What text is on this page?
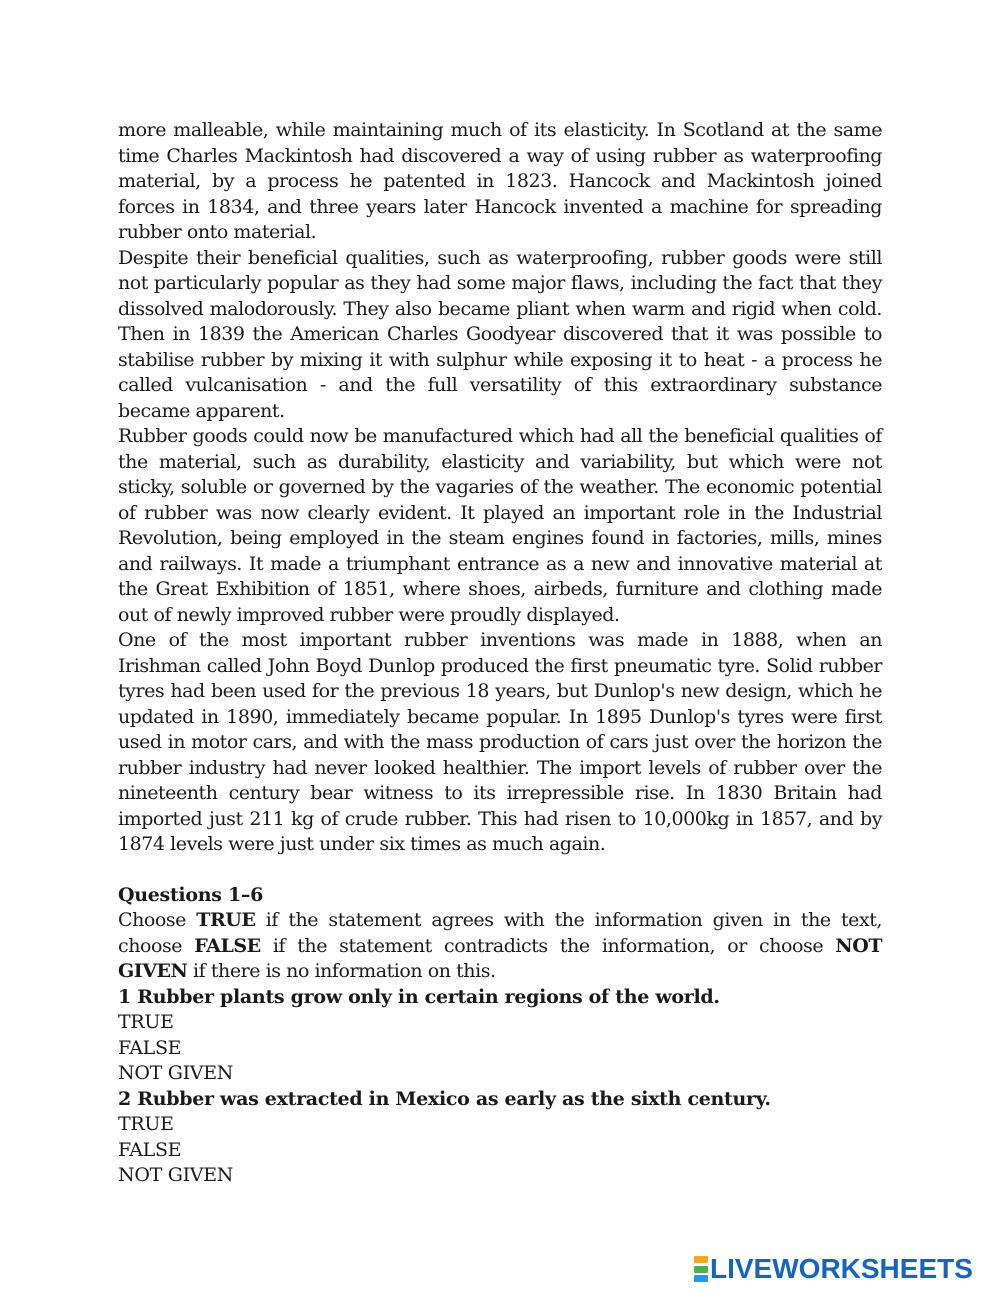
more malleable, while maintaining much of its elasticity. In Scotland at the same time Charles Mackintosh had discovered a way of using rubber as waterproofing material, by a process he patented in 1823. Hancock and Mackintosh joined forces in 1834, and three years later Hancock invented a machine for spreading rubber onto material.

Despite their beneficial qualities, such as waterproofing, rubber goods were still not particularly popular as they had some major flaws, including the fact that they dissolved malodorously. They also became pliant when warm and rigid when cold. Then in 1839 the American Charles Goodyear discovered that it was possible to stabilise rubber by mixing it with sulphur while exposing it to heat - a process he called vulcanisation - and the full versatility of this extraordinary substance became apparent.

Rubber goods could now be manufactured which had all the beneficial qualities of the material, such as durability, elasticity and variability, but which were not sticky, soluble or governed by the vagaries of the weather. The economic potential of rubber was now clearly evident. It played an important role in the Industrial Revolution, being employed in the steam engines found in factories, mills, mines and railways. It made a triumphant entrance as a new and innovative material at the Great Exhibition of 1851, where shoes, airbeds, furniture and clothing made out of newly improved rubber were proudly displayed.

One of the most important rubber inventions was made in 1888, when an Irishman called John Boyd Dunlop produced the first pneumatic tyre. Solid rubber tyres had been used for the previous 18 years, but Dunlop's new design, which he updated in 1890, immediately became popular. In 1895 Dunlop's tyres were first used in motor cars, and with the mass production of cars just over the horizon the rubber industry had never looked healthier. The import levels of rubber over the nineteenth century bear witness to its irrepressible rise. In 1830 Britain had imported just 211 kg of crude rubber. This had risen to 10,000kg in 1857, and by 1874 levels were just under six times as much again.

Questions 1–6

Choose TRUE if the statement agrees with the information given in the text, choose FALSE if the statement contradicts the information, or choose NOT GIVEN if there is no information on this.

1 Rubber plants grow only in certain regions of the world.

TRUE

FALSE

NOT GIVEN

2 Rubber was extracted in Mexico as early as the sixth century.

TRUE

FALSE

NOT GIVEN

LIVEWORKSHEETS
